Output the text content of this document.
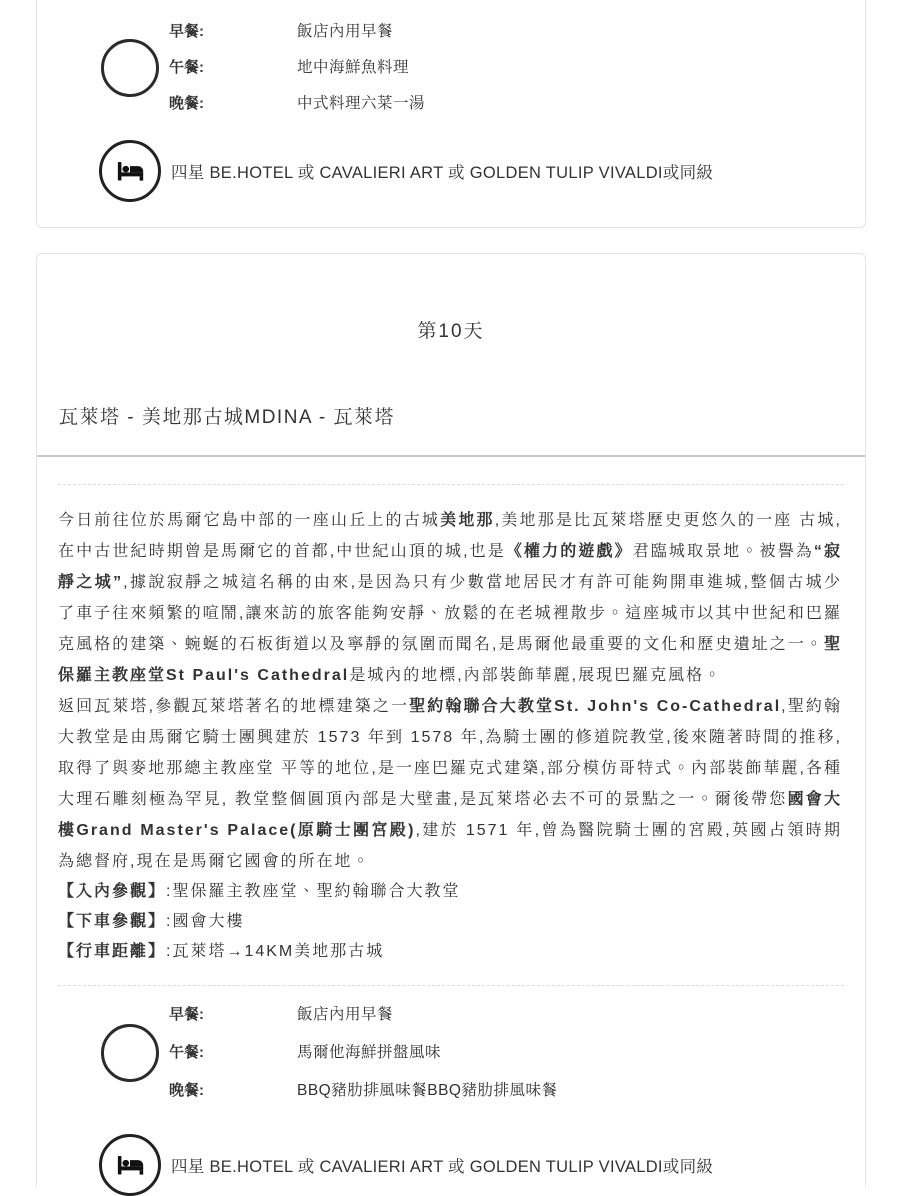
早餐:	飯店內用早餐
午餐:	地中海鮮魚料理
晚餐:	中式料理六菜一湯
四星 BE.HOTEL 或 CAVALIERI ART 或 GOLDEN TULIP VIVALDI或同級
第10天
瓦萊塔 - 美地那古城MDINA - 瓦萊塔

今日前往位於馬爾它島中部的一座山丘上的古城美地那,美地那是比瓦萊塔歷史更悠久的一座 古城,在中古世紀時期曾是馬爾它的首都,中世紀山頂的城,也是《權力的遊戲》君臨城取景地。被譽為“寂靜之城”,據說寂靜之城這名稱的由來,是因為只有少數當地居民才有許可能夠開車進城,整個古城少了車子往來頻繁的喧鬧,讓來訪的旅客能夠安靜、放鬆的在老城裡散步。這座城市以其中世紀和巴羅克風格的建築、蜿蜒的石板街道以及寧靜的氛圍而聞名,是馬爾他最重要的文化和歷史遺址之一。聖保羅主教座堂St Paul's Cathedral是城內的地標,內部裝飾華麗,展現巴羅克風格。

返回瓦萊塔,參觀瓦萊塔著名的地標建築之一聖約翰聯合大教堂St. John's Co-Cathedral,聖約翰大教堂是由馬爾它騎士團興建於 1573 年到 1578 年,為騎士團的修道院教堂,後來隨著時間的推移,取得了與麥地那總主教座堂 平等的地位,是一座巴羅克式建築,部分模仿哥特式。內部裝飾華麗,各種大理石雕刻極為罕見, 教堂整個圓頂內部是大壁畫,是瓦萊塔必去不可的景點之一。爾後帶您國會大樓Grand Master's Palace(原騎士團宮殿),建於 1571 年,曾為醫院騎士團的宮殿,英國占領時期為總督府,現在是馬爾它國會的所在地。

【入內參觀】:聖保羅主教座堂、聖約翰聯合大教堂
【下車參觀】:國會大樓
【行車距離】:瓦萊塔→14KM美地那古城
早餐:	飯店內用早餐
午餐:	馬爾他海鮮拼盤風味
晚餐:	BBQ豬肋排風味餐BBQ豬肋排風味餐
四星 BE.HOTEL 或 CAVALIERI ART 或 GOLDEN TULIP VIVALDI或同級
